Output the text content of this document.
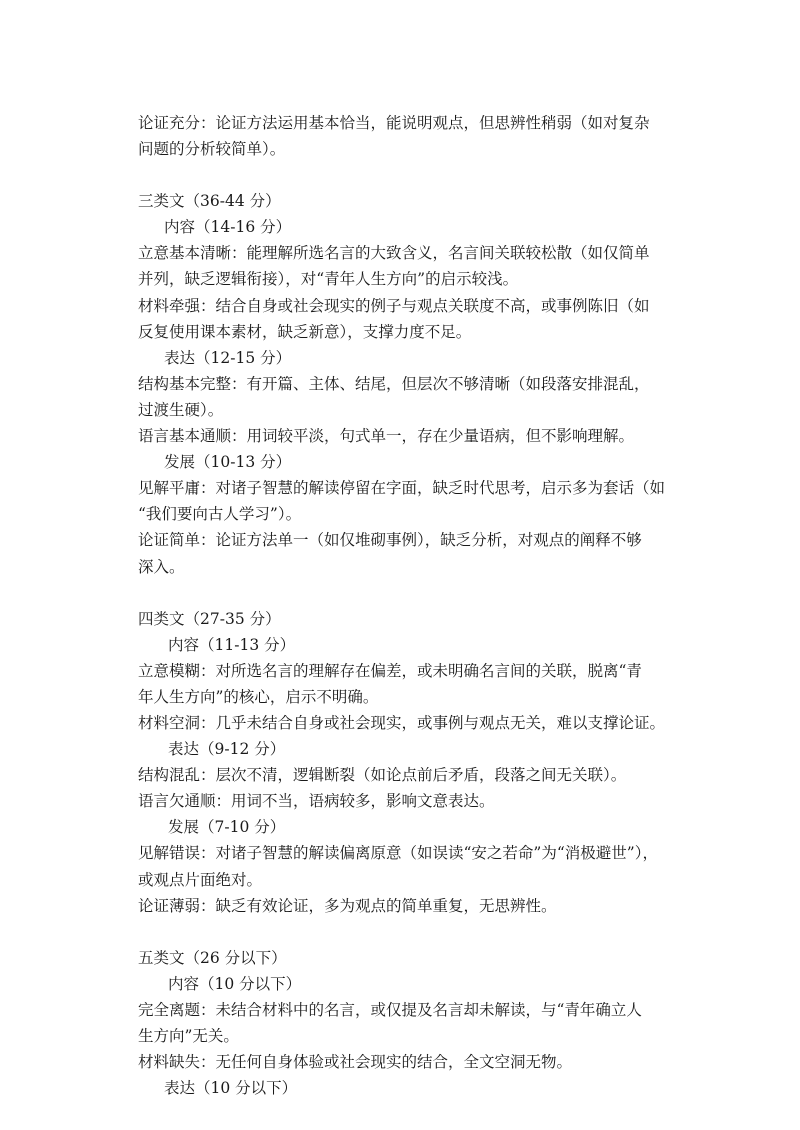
论证充分：论证方法运用基本恰当，能说明观点，但思辨性稍弱（如对复杂
问题的分析较简单）。
三类文（36-44 分）
内容（14-16 分）
立意基本清晰：能理解所选名言的大致含义，名言间关联较松散（如仅简单
并列，缺乏逻辑衔接），对“青年人生方向”的启示较浅。
材料牵强：结合自身或社会现实的例子与观点关联度不高，或事例陈旧（如
反复使用课本素材，缺乏新意），支撑力度不足。
表达（12-15 分）
结构基本完整：有开篇、主体、结尾，但层次不够清晰（如段落安排混乱，
过渡生硬）。
语言基本通顺：用词较平淡，句式单一，存在少量语病，但不影响理解。
发展（10-13 分）
见解平庸：对诸子智慧的解读停留在字面，缺乏时代思考，启示多为套话（如
“我们要向古人学习”）。
论证简单：论证方法单一（如仅堆砌事例），缺乏分析，对观点的阐释不够
深入。
四类文（27-35 分）
内容（11-13 分）
立意模糊：对所选名言的理解存在偏差，或未明确名言间的关联，脱离“青
年人生方向”的核心，启示不明确。
材料空洞：几乎未结合自身或社会现实，或事例与观点无关，难以支撑论证。
表达（9-12 分）
结构混乱：层次不清，逻辑断裂（如论点前后矛盾，段落之间无关联）。
语言欠通顺：用词不当，语病较多，影响文意表达。
发展（7-10 分）
见解错误：对诸子智慧的解读偏离原意（如误读“安之若命”为“消极避世”），
或观点片面绝对。
论证薄弱：缺乏有效论证，多为观点的简单重复，无思辨性。
五类文（26 分以下）
内容（10 分以下）
完全离题：未结合材料中的名言，或仅提及名言却未解读，与“青年确立人
生方向”无关。
材料缺失：无任何自身体验或社会现实的结合，全文空洞无物。
表达（10 分以下）
